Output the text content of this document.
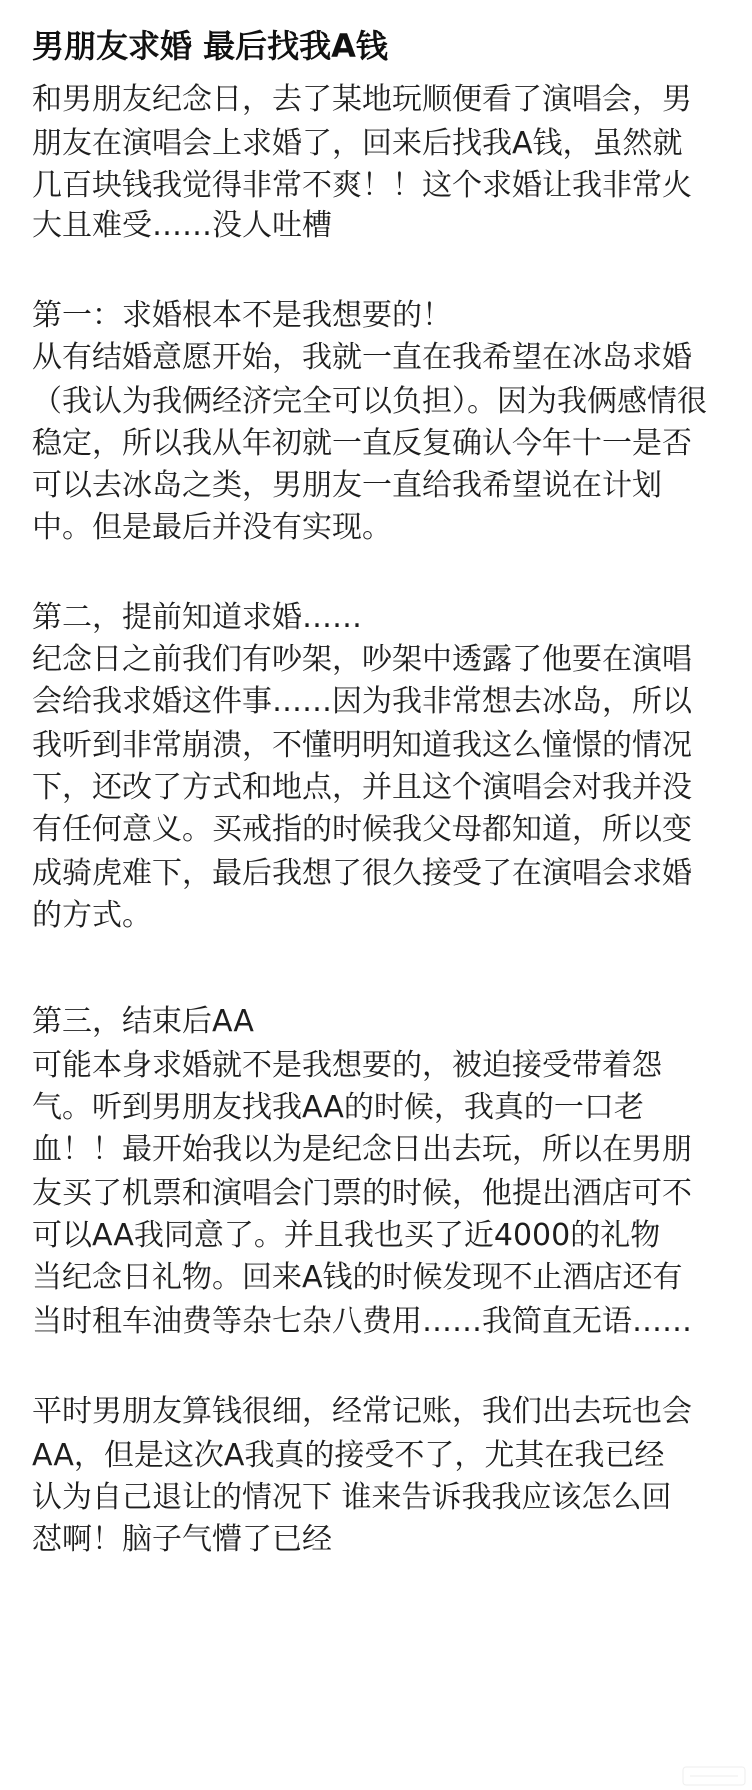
男朋友求婚 最后找我A钱
和男朋友纪念日，去了某地玩顺便看了演唱会，男
朋友在演唱会上求婚了，回来后找我A钱，虽然就
几百块钱我觉得非常不爽！！这个求婚让我非常火
大且难受……没人吐槽
第一：求婚根本不是我想要的！
从有结婚意愿开始，我就一直在我希望在冰岛求婚
（我认为我俩经济完全可以负担）。因为我俩感情很
稳定，所以我从年初就一直反复确认今年十一是否
可以去冰岛之类，男朋友一直给我希望说在计划
中。但是最后并没有实现。
第二，提前知道求婚……
纪念日之前我们有吵架，吵架中透露了他要在演唱
会给我求婚这件事……因为我非常想去冰岛，所以
我听到非常崩溃，不懂明明知道我这么憧憬的情况
下，还改了方式和地点，并且这个演唱会对我并没
有任何意义。买戒指的时候我父母都知道，所以变
成骑虎难下，最后我想了很久接受了在演唱会求婚
的方式。
第三，结束后AA
可能本身求婚就不是我想要的，被迫接受带着怨
气。听到男朋友找我AA的时候，我真的一口老
血！！最开始我以为是纪念日出去玩，所以在男朋
友买了机票和演唱会门票的时候，他提出酒店可不
可以AA我同意了。并且我也买了近4000的礼物
当纪念日礼物。回来A钱的时候发现不止酒店还有
当时租车油费等杂七杂八费用……我简直无语……
平时男朋友算钱很细，经常记账，我们出去玩也会
AA，但是这次A我真的接受不了，尤其在我已经
认为自己退让的情况下 谁来告诉我我应该怎么回
怼啊！脑子气懵了已经
